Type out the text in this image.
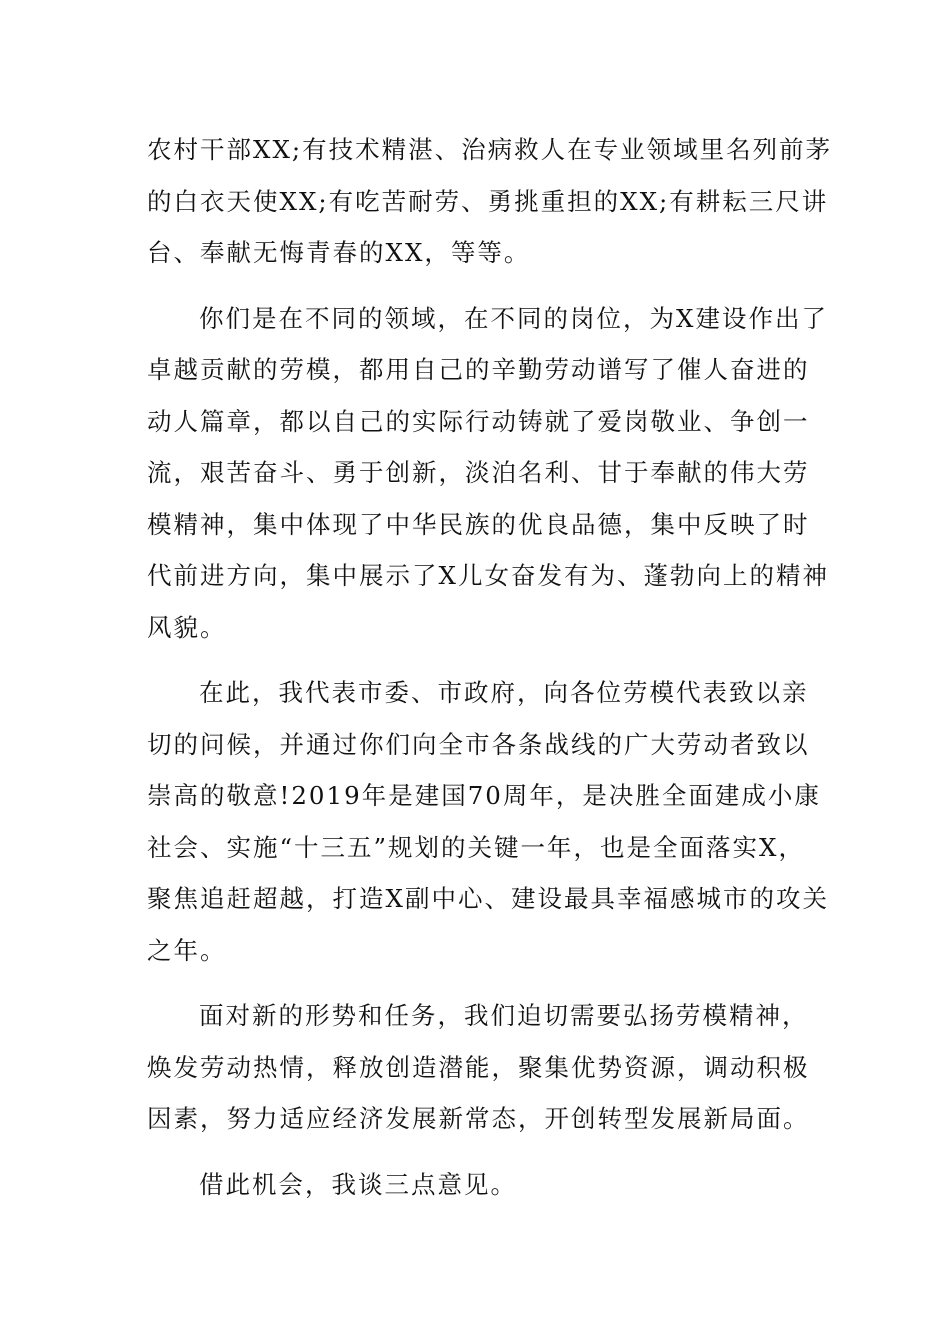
农村干部XX;有技术精湛、治病救人在专业领域里名列前茅
的白衣天使XX;有吃苦耐劳、勇挑重担的XX;有耕耘三尺讲
台、奉献无悔青春的XX，等等。
你们是在不同的领域，在不同的岗位，为X建设作出了
卓越贡献的劳模，都用自己的辛勤劳动谱写了催人奋进的
动人篇章，都以自己的实际行动铸就了爱岗敬业、争创一
流，艰苦奋斗、勇于创新，淡泊名利、甘于奉献的伟大劳
模精神，集中体现了中华民族的优良品德，集中反映了时
代前进方向，集中展示了X儿女奋发有为、蓬勃向上的精神
风貌。
在此，我代表市委、市政府，向各位劳模代表致以亲
切的问候，并通过你们向全市各条战线的广大劳动者致以
崇高的敬意!2019年是建国70周年，是决胜全面建成小康
社会、实施“十三五”规划的关键一年，也是全面落实X，
聚焦追赶超越，打造X副中心、建设最具幸福感城市的攻关
之年。
面对新的形势和任务，我们迫切需要弘扬劳模精神，
焕发劳动热情，释放创造潜能，聚集优势资源，调动积极
因素，努力适应经济发展新常态，开创转型发展新局面。
借此机会，我谈三点意见。
